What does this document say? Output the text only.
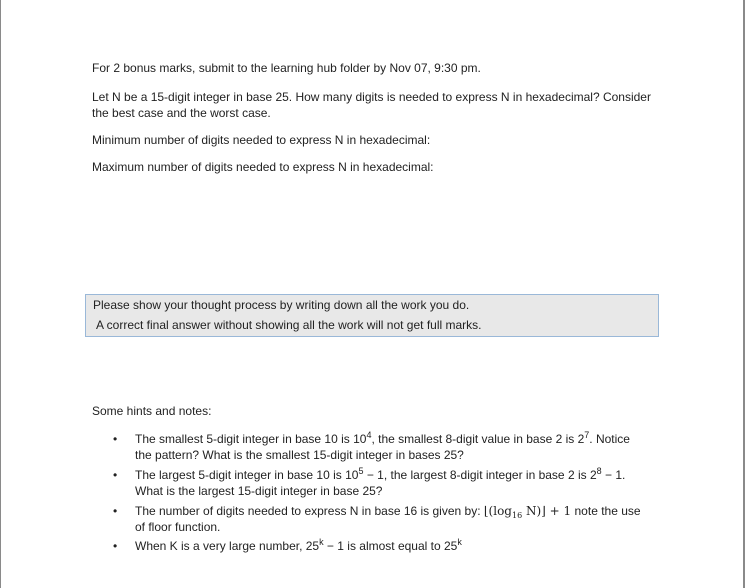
For 2 bonus marks, submit to the learning hub folder by Nov 07, 9:30 pm.
Let N be a 15-digit integer in base 25. How many digits is needed to express N in hexadecimal? Consider
the best case and the worst case.
Minimum number of digits needed to express N in hexadecimal:
Maximum number of digits needed to express N in hexadecimal:
Please show your thought process by writing down all the work you do.
A correct final answer without showing all the work will not get full marks.
Some hints and notes:
• The smallest 5-digit integer in base 10 is $10^4$, the smallest 8-digit value in base 2 is $2^7$. Notice
the pattern? What is the smallest 15-digit integer in bases 25?
• The largest 5-digit integer in base 10 is $10^5 - 1$, the largest 8-digit integer in base 2 is $2^8 - 1$.
What is the largest 15-digit integer in base 25?
• The number of digits needed to express N in base 16 is given by: $⌊(\log_{16}$ N)⌋ + 1 note the use
of floor function.
• When K is a very large number, $25^k - 1$ is almost equal to 25$^k$
